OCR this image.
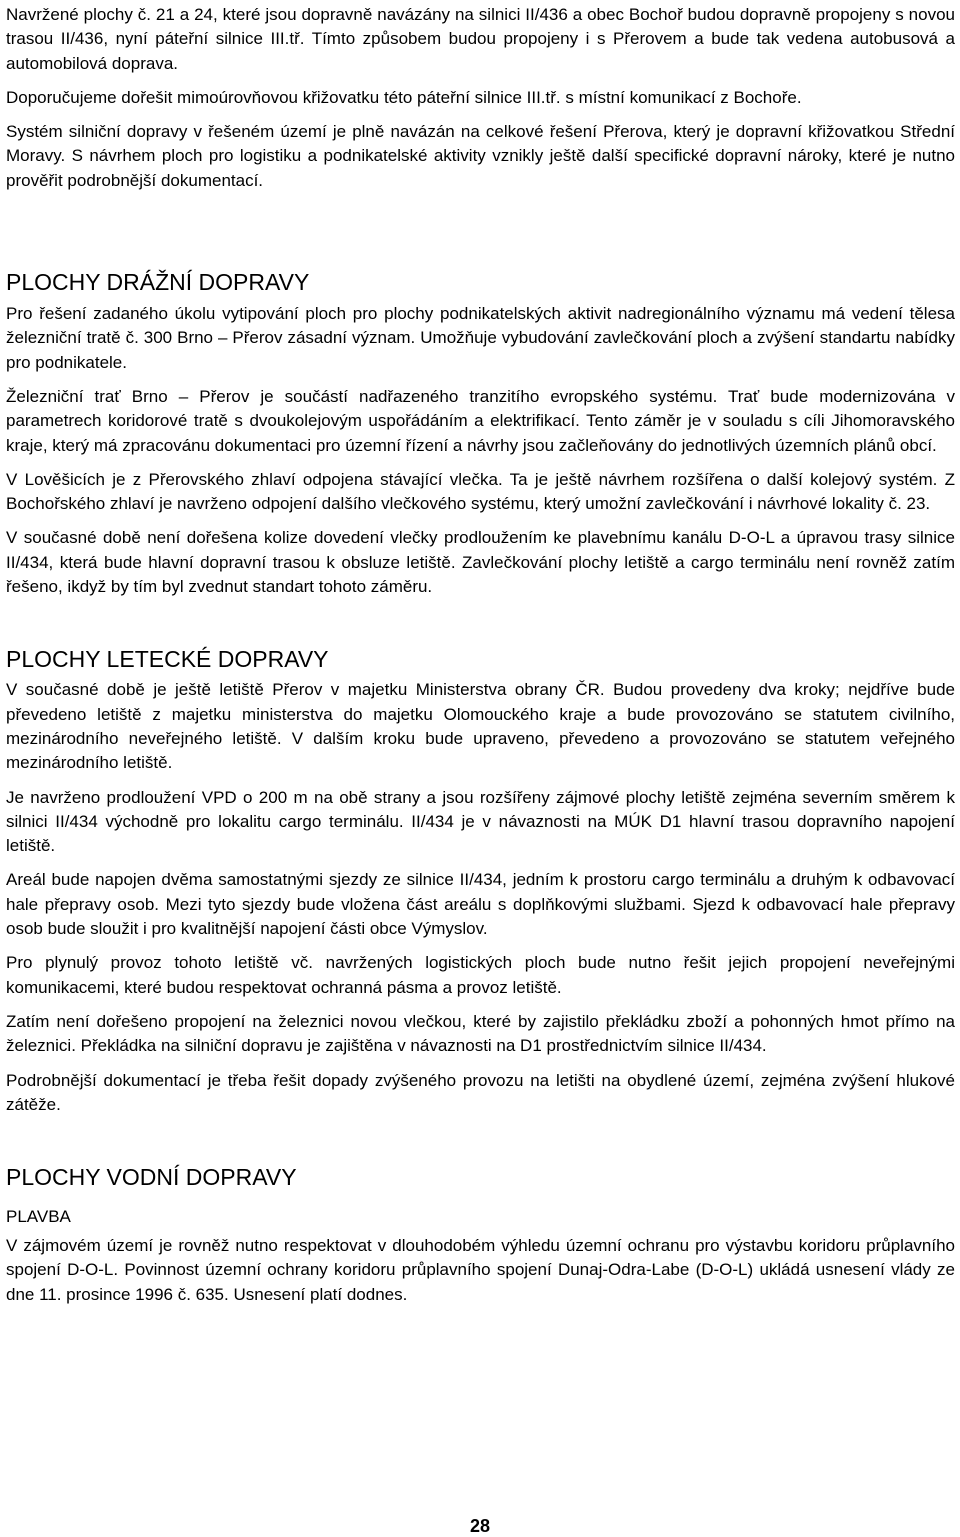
Navržené plochy č. 21 a 24, které jsou dopravně navázány na silnici II/436 a obec Bochoř budou dopravně propojeny s novou trasou II/436, nyní páteřní silnice III.tř. Tímto způsobem budou propojeny i s Přerovem a bude tak vedena autobusová a automobilová doprava.

Doporučujeme dořešit mimoúrovňovou křižovatku této páteřní silnice III.tř. s místní komunikací z Bochoře.

Systém silniční dopravy v řešeném území je plně navázán na celkové řešení Přerova, který je dopravní křižovatkou Střední Moravy. S návrhem ploch pro logistiku a podnikatelské aktivity vznikly ještě další specifické dopravní nároky, které je nutno prověřit podrobnější dokumentací.

PLOCHY DRÁŽNÍ DOPRAVY

Pro řešení zadaného úkolu vytipování ploch pro plochy podnikatelských aktivit nadregionálního významu má vedení tělesa železniční tratě č. 300 Brno – Přerov zásadní význam. Umožňuje vybudování zavlečkování ploch a zvýšení standartu nabídky pro podnikatele.

Železniční trať Brno – Přerov je součástí nadřazeného tranzitího evropského systému. Trať bude modernizována v parametrech koridorové tratě s dvoukolejovým uspořádáním a elektrifikací. Tento záměr je v souladu s cíli Jihomoravského kraje, který má zpracovánu dokumentaci pro územní řízení a návrhy jsou začleňovány do jednotlivých územních plánů obcí.

V Lověšicích je z Přerovského zhlaví odpojena stávající vlečka. Ta je ještě návrhem rozšířena o další kolejový systém. Z Bochořského zhlaví je navrženo odpojení dalšího vlečkového systému, který umožní zavlečkování i návrhové lokality č. 23.

V současné době není dořešena kolize dovedení vlečky prodloužením ke plavebnímu kanálu D-O-L a úpravou trasy silnice II/434, která bude hlavní dopravní trasou k obsluze letiště. Zavlečkování plochy letiště a cargo terminálu není rovněž zatím řešeno, ikdyž by tím byl zvednut standart tohoto záměru.

PLOCHY LETECKÉ DOPRAVY

V současné době je ještě letiště Přerov v majetku Ministerstva obrany ČR. Budou provedeny dva kroky; nejdříve bude převedeno letiště z majetku ministerstva do majetku Olomouckého kraje a bude provozováno se statutem civilního, mezinárodního neveřejného letiště. V dalším kroku bude upraveno, převedeno a provozováno se statutem veřejného mezinárodního letiště.

Je navrženo prodloužení VPD o 200 m na obě strany a jsou rozšířeny zájmové plochy letiště zejména severním směrem k silnici II/434 východně pro lokalitu cargo terminálu. II/434 je v návaznosti na MÚK D1 hlavní trasou dopravního napojení letiště.

Areál bude napojen dvěma samostatnými sjezdy ze silnice II/434, jedním k prostoru cargo terminálu a druhým k odbavovací hale přepravy osob. Mezi tyto sjezdy bude vložena část areálu s doplňkovými službami. Sjezd k odbavovací hale přepravy osob bude sloužit i pro kvalitnější napojení části obce Výmyslov.

Pro plynulý provoz tohoto letiště vč. navržených logistických ploch bude nutno řešit jejich propojení neveřejnými komunikacemi, které budou respektovat ochranná pásma a provoz letiště.

Zatím není dořešeno propojení na železnici novou vlečkou, které by zajistilo překládku zboží a pohonných hmot přímo na železnici. Překládka na silniční dopravu je zajištěna v návaznosti na D1 prostřednictvím silnice II/434.

Podrobnější dokumentací je třeba řešit dopady zvýšeného provozu na letišti na obydlené území, zejména zvýšení hlukové zátěže.

PLOCHY VODNÍ DOPRAVY
PLAVBA

V zájmovém území je rovněž nutno respektovat v dlouhodobém výhledu územní ochranu pro výstavbu koridoru průplavního spojení D-O-L. Povinnost územní ochrany koridoru průplavního spojení Dunaj-Odra-Labe (D-O-L) ukládá usnesení vlády ze dne 11. prosince 1996 č. 635. Usnesení platí dodnes.

28
